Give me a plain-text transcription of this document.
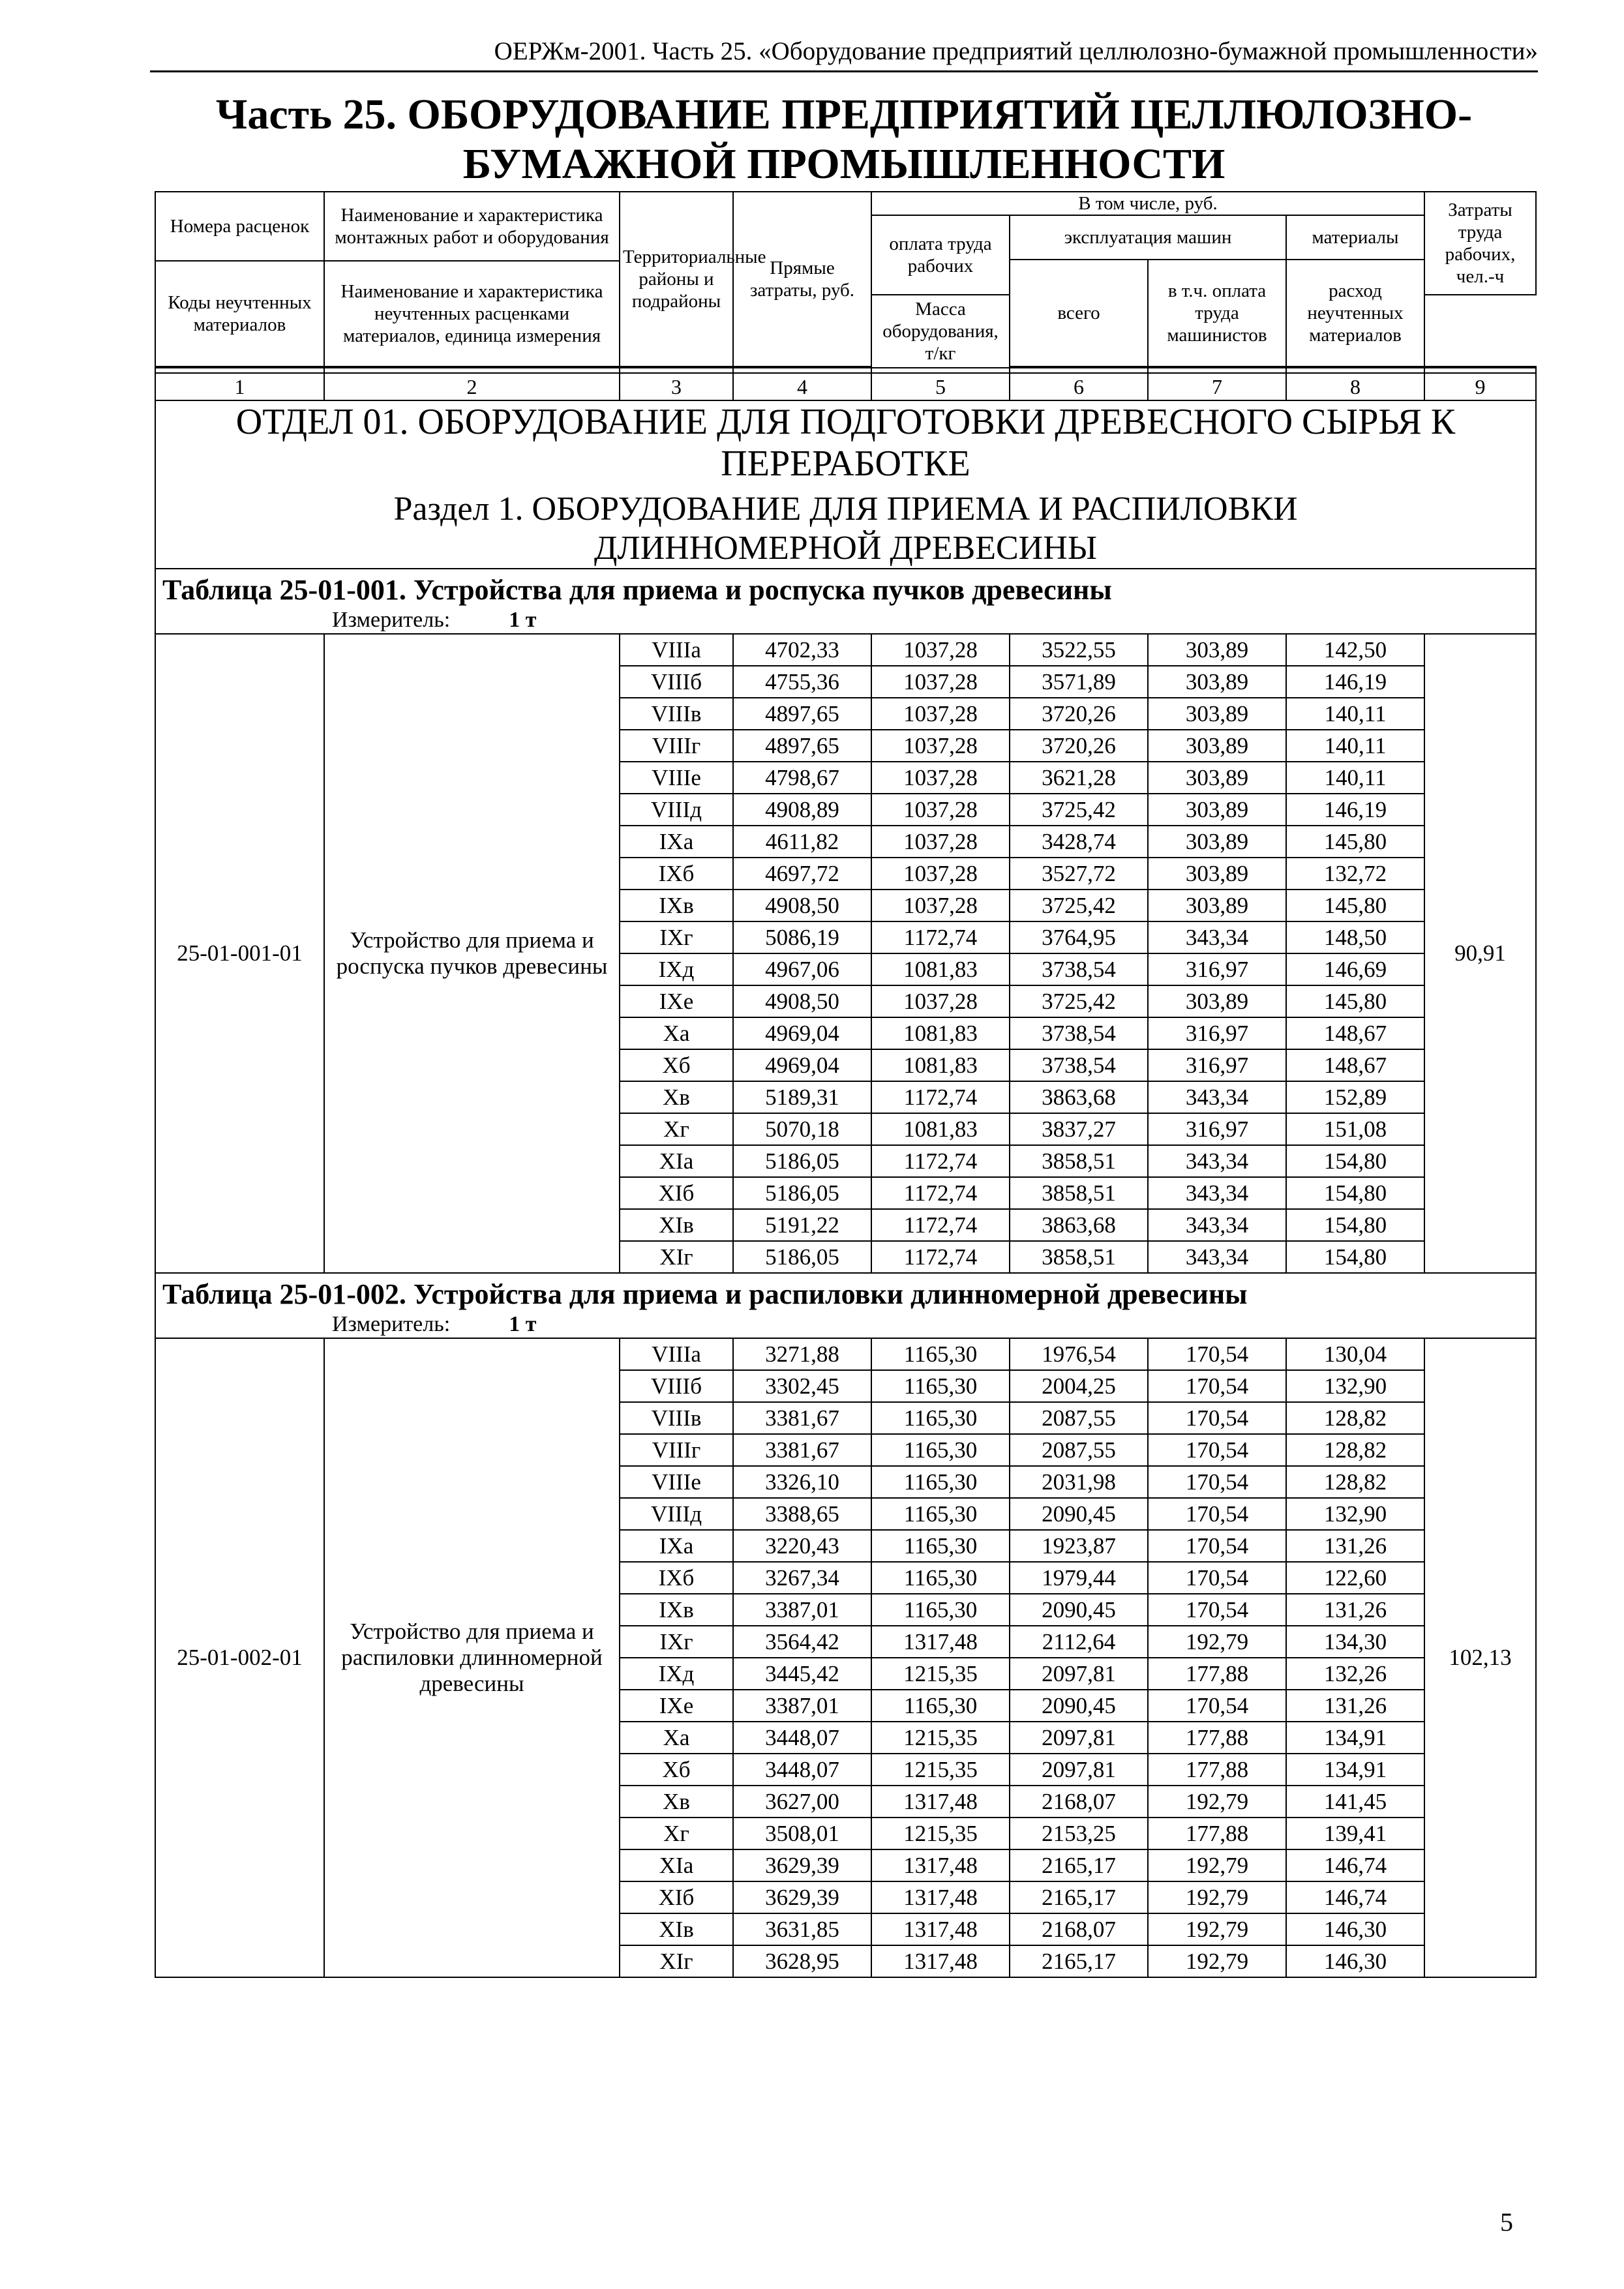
ОЕРЖм-2001. Часть 25. «Оборудование предприятий целлюлозно-бумажной промышленности»
Часть 25. ОБОРУДОВАНИЕ ПРЕДПРИЯТИЙ ЦЕЛЛЮЛОЗНО-
БУМАЖНОЙ ПРОМЫШЛЕННОСТИ
Номера расценок	Наименование и характеристика монтажных работ и оборудования	Территориальные районы и подрайоны	Прямые затраты, руб.	В том числе, руб.				Затраты труда рабочих, чел.-ч
				оплата труда рабочих	эксплуатация машин		материалы	
					всего	в т.ч. оплата труда машинистов	расход неучтенных материалов	
Коды неучтенных материалов	Наименование и характеристика неучтенных расценками материалов, единица измерения							

				Масса оборудования, т/кг				

1	2	3	4	5	6	7	8	9

ОТДЕЛ 01. ОБОРУДОВАНИЕ ДЛЯ ПОДГОТОВКИ ДРЕВЕСНОГО СЫРЬЯ К
ПЕРЕРАБОТКЕ
Раздел 1. ОБОРУДОВАНИЕ ДЛЯ ПРИЕМА И РАСПИЛОВКИ
ДЛИННОМЕРНОЙ ДРЕВЕСИНЫ								

Таблица 25-01-001. Устройства для приема и роспуска пучков древесины
Измеритель: 1 т								

25-01-001-01	Устройство для приема и роспуска пучков древесины	VIIIа	4702,33	1037,28	3522,55	303,89	142,50	90,91
		VIIIб	4755,36	1037,28	3571,89	303,89	146,19	
		VIIIв	4897,65	1037,28	3720,26	303,89	140,11	
		VIIIг	4897,65	1037,28	3720,26	303,89	140,11	
		VIIIе	4798,67	1037,28	3621,28	303,89	140,11	
		VIIIд	4908,89	1037,28	3725,42	303,89	146,19	
		IXа	4611,82	1037,28	3428,74	303,89	145,80	
		IXб	4697,72	1037,28	3527,72	303,89	132,72	
		IXв	4908,50	1037,28	3725,42	303,89	145,80	
		IXг	5086,19	1172,74	3764,95	343,34	148,50	
		IXд	4967,06	1081,83	3738,54	316,97	146,69	
		IXе	4908,50	1037,28	3725,42	303,89	145,80	
		Xа	4969,04	1081,83	3738,54	316,97	148,67	
		Xб	4969,04	1081,83	3738,54	316,97	148,67	
		Xв	5189,31	1172,74	3863,68	343,34	152,89	
		Xг	5070,18	1081,83	3837,27	316,97	151,08	
		XIа	5186,05	1172,74	3858,51	343,34	154,80	
		XIб	5186,05	1172,74	3858,51	343,34	154,80	
		XIв	5191,22	1172,74	3863,68	343,34	154,80	
		XIг	5186,05	1172,74	3858,51	343,34	154,80	

Таблица 25-01-002. Устройства для приема и распиловки длинномерной древесины
Измеритель: 1 т								

25-01-002-01	Устройство для приема и распиловки длинномерной древесины	VIIIа	3271,88	1165,30	1976,54	170,54	130,04	102,13
		VIIIб	3302,45	1165,30	2004,25	170,54	132,90	
		VIIIв	3381,67	1165,30	2087,55	170,54	128,82	
		VIIIг	3381,67	1165,30	2087,55	170,54	128,82	
		VIIIе	3326,10	1165,30	2031,98	170,54	128,82	
		VIIIд	3388,65	1165,30	2090,45	170,54	132,90	
		IXа	3220,43	1165,30	1923,87	170,54	131,26	
		IXб	3267,34	1165,30	1979,44	170,54	122,60	
		IXв	3387,01	1165,30	2090,45	170,54	131,26	
		IXг	3564,42	1317,48	2112,64	192,79	134,30	
		IXд	3445,42	1215,35	2097,81	177,88	132,26	
		IXе	3387,01	1165,30	2090,45	170,54	131,26	
		Xа	3448,07	1215,35	2097,81	177,88	134,91	
		Xб	3448,07	1215,35	2097,81	177,88	134,91	
		Xв	3627,00	1317,48	2168,07	192,79	141,45	
		Xг	3508,01	1215,35	2153,25	177,88	139,41	
		XIа	3629,39	1317,48	2165,17	192,79	146,74	
		XIб	3629,39	1317,48	2165,17	192,79	146,74	
		XIв	3631,85	1317,48	2168,07	192,79	146,30	
		XIг	3628,95	1317,48	2165,17	192,79	146,30	
5
